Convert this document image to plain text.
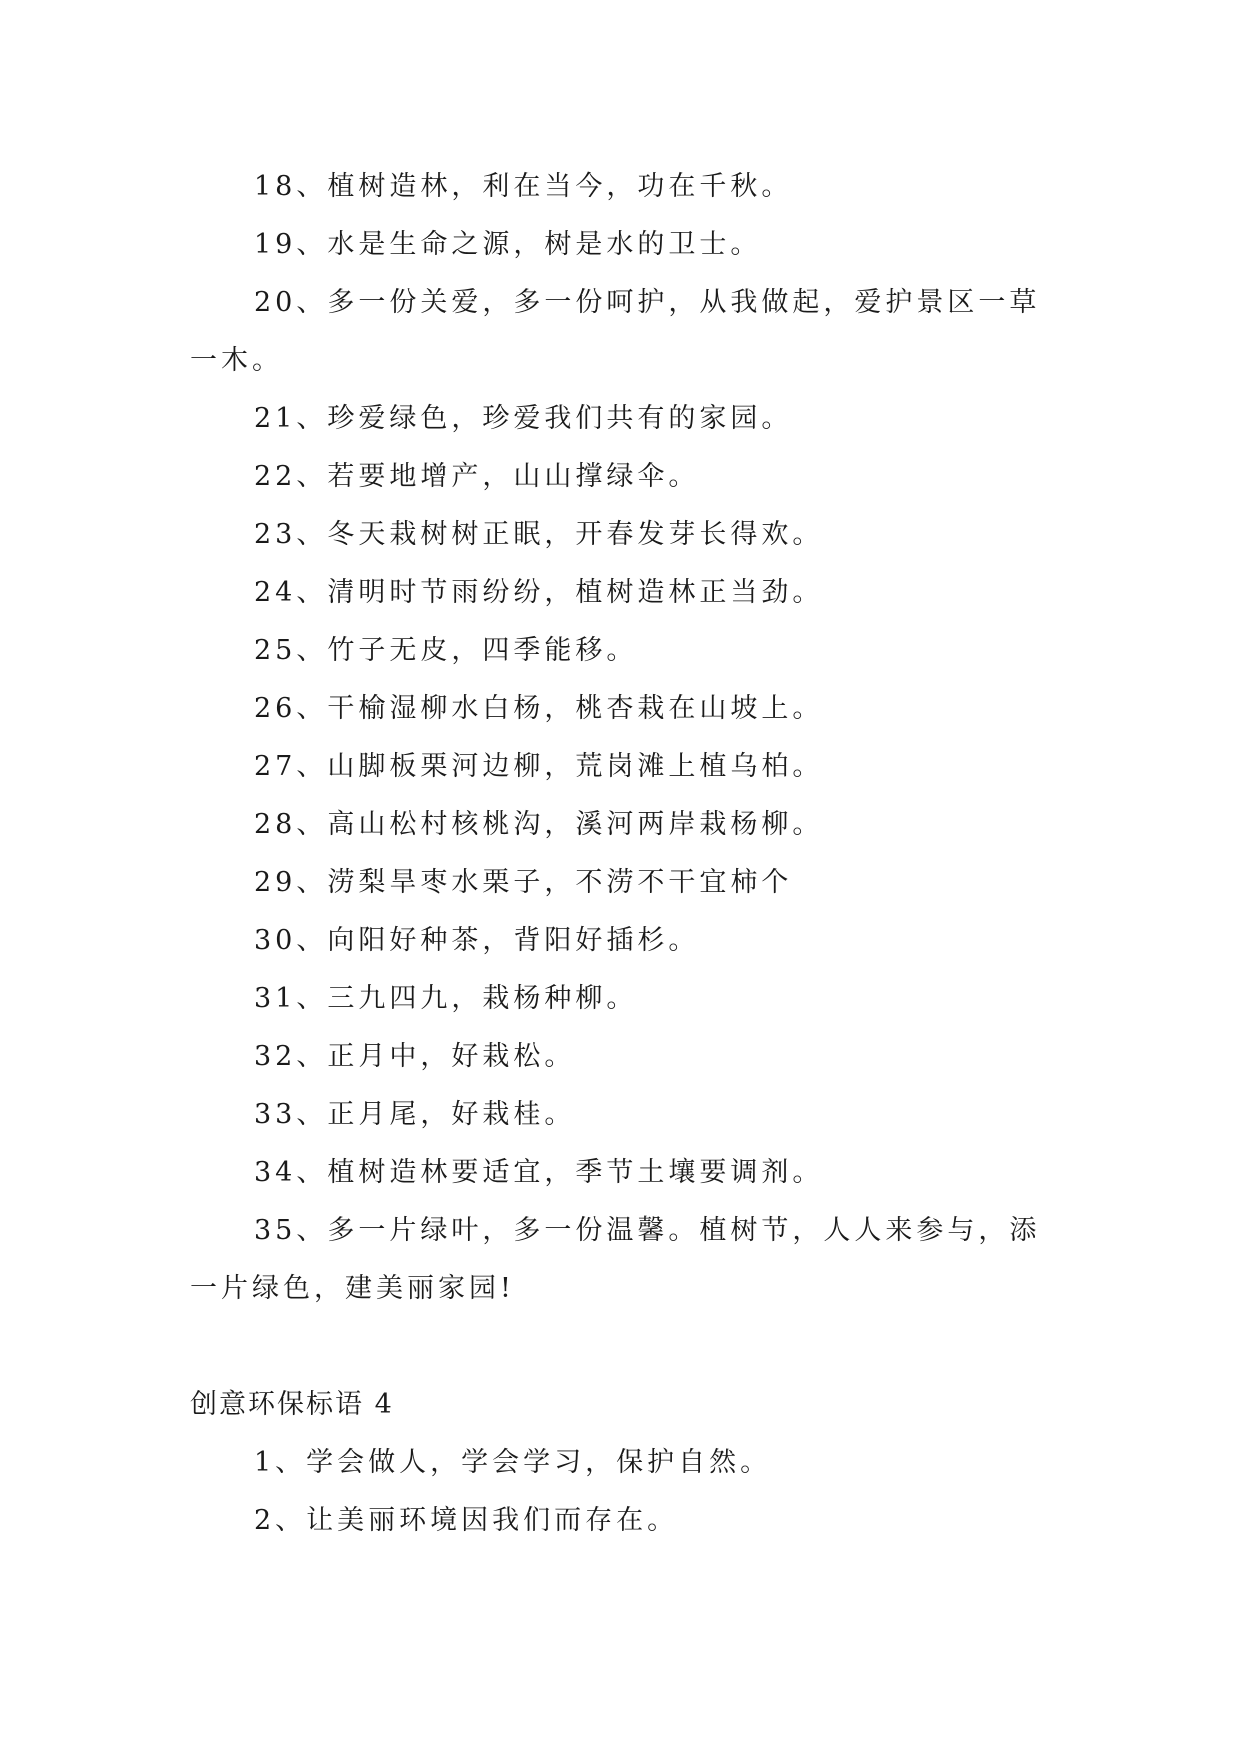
18、植树造林，利在当今，功在千秋。

19、水是生命之源，树是水的卫士。

20、多一份关爱，多一份呵护，从我做起，爱护景区一草一木。

21、珍爱绿色，珍爱我们共有的家园。

22、若要地增产，山山撑绿伞。

23、冬天栽树树正眠，开春发芽长得欢。

24、清明时节雨纷纷，植树造林正当劲。

25、竹子无皮，四季能移。

26、干榆湿柳水白杨，桃杏栽在山坡上。

27、山脚板栗河边柳，荒岗滩上植乌柏。

28、高山松村核桃沟，溪河两岸栽杨柳。

29、涝梨旱枣水栗子，不涝不干宜柿个

30、向阳好种茶，背阳好插杉。

31、三九四九，栽杨种柳。

32、正月中，好栽松。

33、正月尾，好栽桂。

34、植树造林要适宜，季节土壤要调剂。

35、多一片绿叶，多一份温馨。植树节，人人来参与，添一片绿色，建美丽家园!

创意环保标语 4

1、学会做人，学会学习，保护自然。

2、让美丽环境因我们而存在。
